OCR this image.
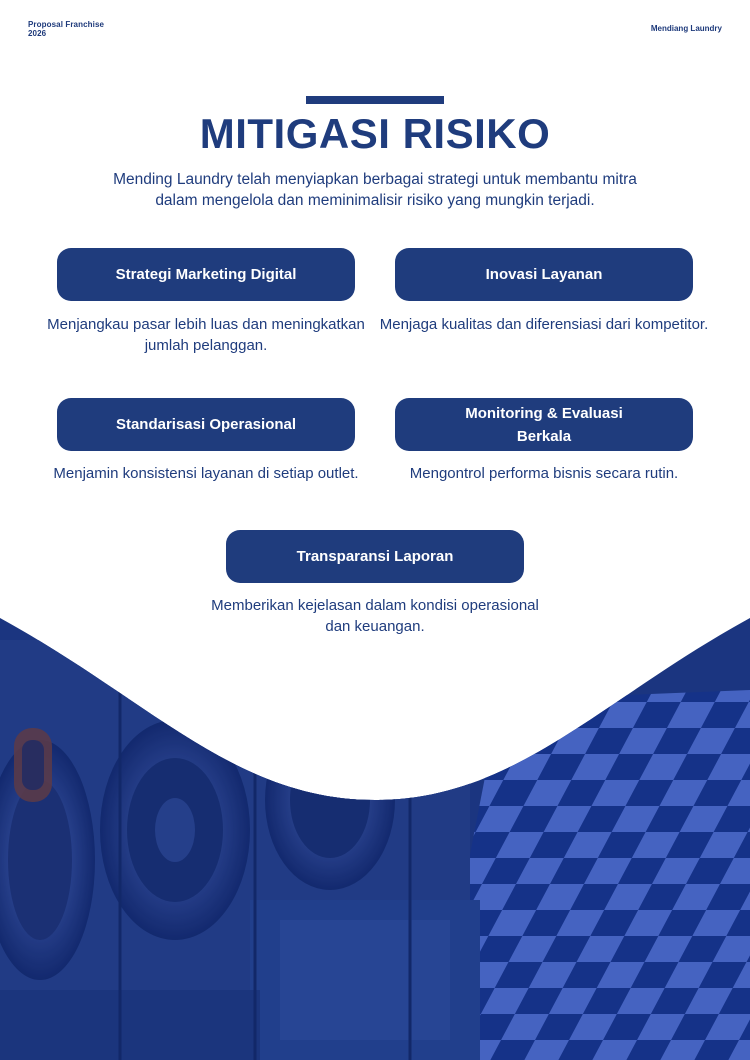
Proposal Franchise
2026
Mendiang Laundry
MITIGASI RISIKO
Mending Laundry telah menyiapkan berbagai strategi untuk membantu mitra dalam mengelola dan meminimalisir risiko yang mungkin terjadi.
Strategi Marketing Digital
Menjangkau pasar lebih luas dan meningkatkan jumlah pelanggan.
Inovasi Layanan
Menjaga kualitas dan diferensiasi dari kompetitor.
Standarisasi Operasional
Menjamin konsistensi layanan di setiap outlet.
Monitoring & Evaluasi Berkala
Mengontrol performa bisnis secara rutin.
Transparansi Laporan
Memberikan kejelasan dalam kondisi operasional dan keuangan.
